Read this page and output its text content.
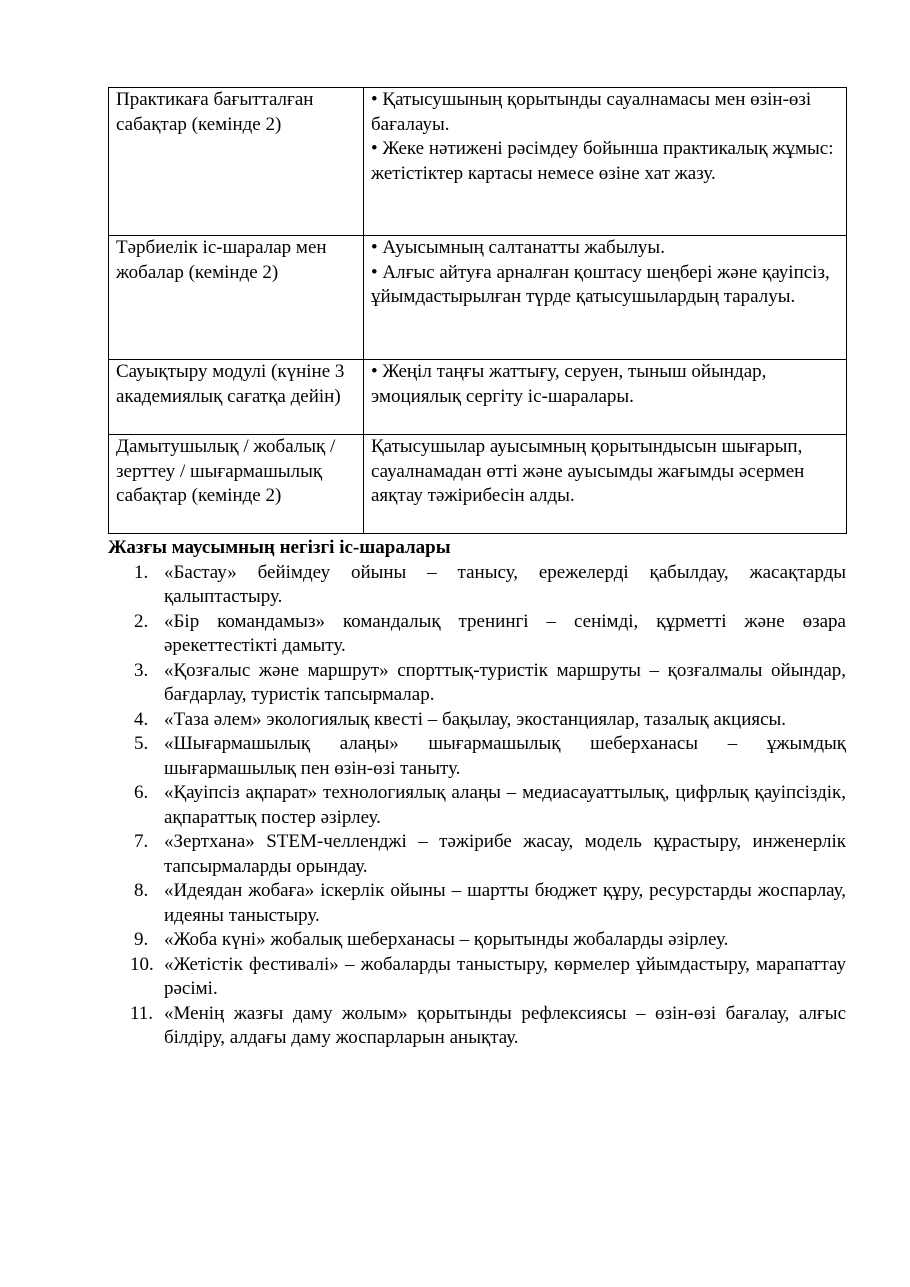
Практикаға бағытталған сабақтар (кемінде 2)	• Қатысушының қорытынды сауалнамасы мен өзін-өзі бағалауы.
• Жеке нәтижені рәсімдеу бойынша практикалық жұмыс: жетістіктер картасы немесе өзіне хат жазу.

Тәрбиелік іс-шаралар мен жобалар (кемінде 2)	• Ауысымның салтанатты жабылуы.
• Алғыс айтуға арналған қоштасу шеңбері және қауіпсіз, ұйымдастырылған түрде қатысушылардың таралуы.

Сауықтыру модулі (күніне 3 академиялық сағатқа дейін)	• Жеңіл таңғы жаттығу, серуен, тыныш ойындар, эмоциялық сергіту іс-шаралары.

Дамытушылық / жобалық / зерттеу / шығармашылық сабақтар (кемінде 2)	Қатысушылар ауысымның қорытындысын шығарып, сауалнамадан өтті және ауысымды жағымды әсермен аяқтау тәжірибесін алды.

Жазғы маусымның негізгі іс-шаралары

1. «Бастау» бейімдеу ойыны – танысу, ережелерді қабылдау, жасақтарды қалыптастыру.
2. «Бір командамыз» командалық тренингі – сенімді, құрметті және өзара әрекеттестікті дамыту.
3. «Қозғалыс және маршрут» спорттық-туристік маршруты – қозғалмалы ойындар, бағдарлау, туристік тапсырмалар.
4. «Таза әлем» экологиялық квесті – бақылау, экостанциялар, тазалық акциясы.
5. «Шығармашылық алаңы» шығармашылық шеберханасы – ұжымдық шығармашылық пен өзін-өзі таныту.
6. «Қауіпсіз ақпарат» технологиялық алаңы – медиасауаттылық, цифрлық қауіпсіздік, ақпараттық постер әзірлеу.
7. «Зертхана» STEM-челленджі – тәжірибе жасау, модель құрастыру, инженерлік тапсырмаларды орындау.
8. «Идеядан жобаға» іскерлік ойыны – шартты бюджет құру, ресурстарды жоспарлау, идеяны таныстыру.
9. «Жоба күні» жобалық шеберханасы – қорытынды жобаларды әзірлеу.
10. «Жетістік фестивалі» – жобаларды таныстыру, көрмелер ұйымдастыру, марапаттау рәсімі.
11. «Менің жазғы даму жолым» қорытынды рефлексиясы – өзін-өзі бағалау, алғыс білдіру, алдағы даму жоспарларын анықтау.
